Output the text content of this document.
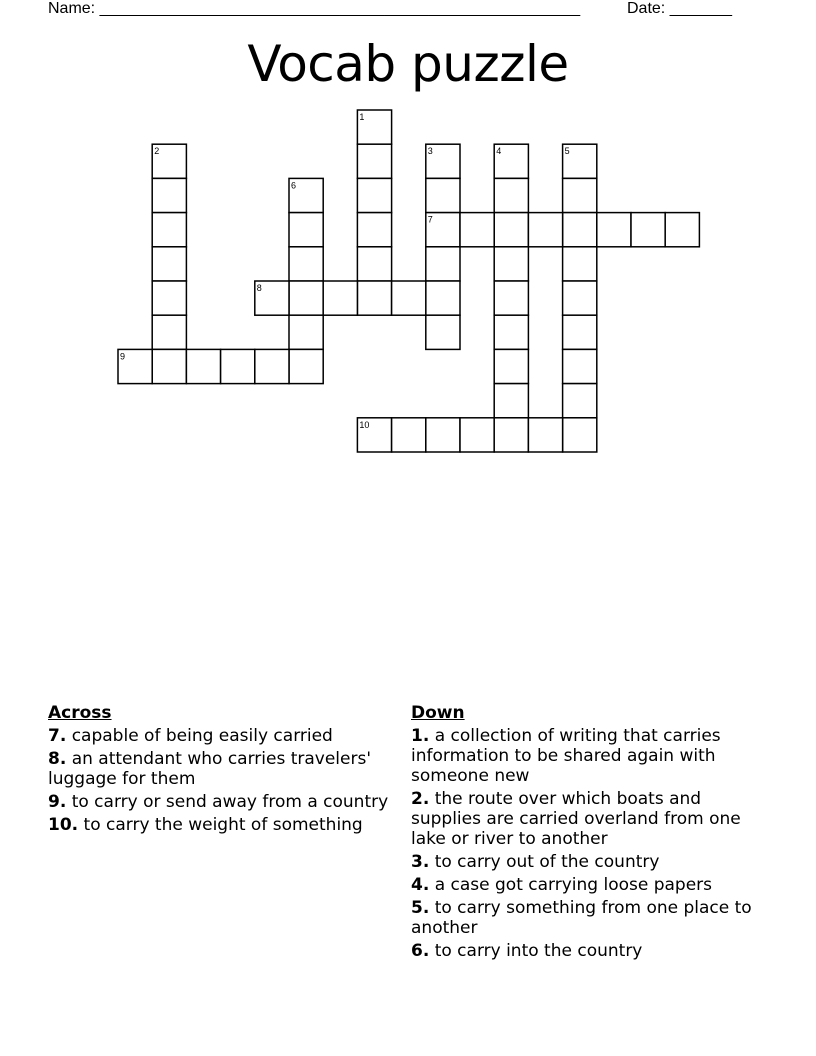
Name: ______________________________________________________	Date: _______
Vocab puzzle
1
2	3	4	5
6
7
8
9
10
Across
7. capable of being easily carried
8. an attendant who carries travelers' luggage for them
9. to carry or send away from a country
10. to carry the weight of something
Down
1. a collection of writing that carries information to be shared again with someone new
2. the route over which boats and supplies are carried overland from one lake or river to another
3. to carry out of the country
4. a case got carrying loose papers
5. to carry something from one place to another
6. to carry into the country
